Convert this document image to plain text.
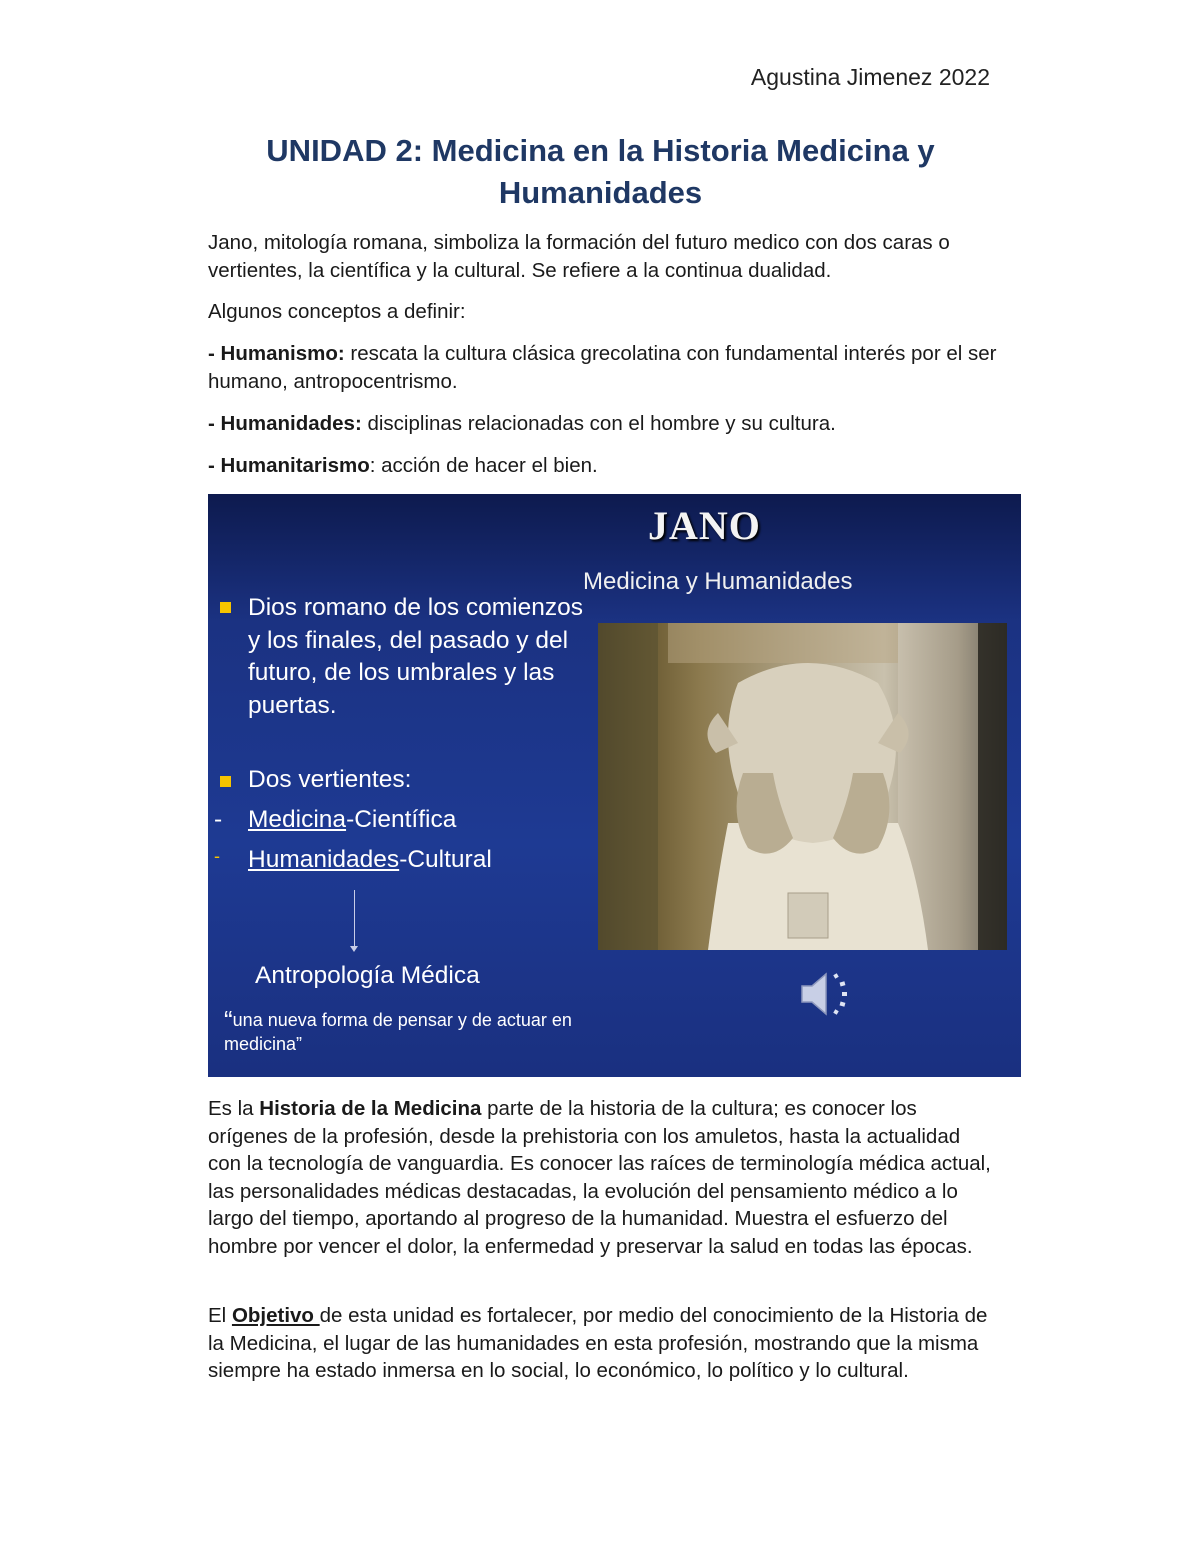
Agustina Jimenez 2022
UNIDAD 2: Medicina en la Historia Medicina y Humanidades

Jano, mitología romana, simboliza la formación del futuro medico con dos caras o vertientes, la científica y la cultural. Se refiere a la continua dualidad.

Algunos conceptos a definir:

- Humanismo: rescata la cultura clásica grecolatina con fundamental interés por el ser humano, antropocentrismo.

- Humanidades: disciplinas relacionadas con el hombre y su cultura.

- Humanitarismo: acción de hacer el bien.

JANO
Medicina y Humanidades
Dios romano de los comienzos y los finales, del pasado y del futuro, de los umbrales y las puertas.
Dos vertientes:
- Medicina-Científica
- Humanidades-Cultural
Antropología Médica
“una nueva forma de pensar y de actuar en medicina”

Es la Historia de la Medicina parte de la historia de la cultura; es conocer los orígenes de la profesión, desde la prehistoria con los amuletos, hasta la actualidad con la tecnología de vanguardia. Es conocer las raíces de terminología médica actual, las personalidades médicas destacadas, la evolución del pensamiento médico a lo largo del tiempo, aportando al progreso de la humanidad. Muestra el esfuerzo del hombre por vencer el dolor, la enfermedad y preservar la salud en todas las épocas.

El Objetivo de esta unidad es fortalecer, por medio del conocimiento de la Historia de la Medicina, el lugar de las humanidades en esta profesión, mostrando que la misma siempre ha estado inmersa en lo social, lo económico, lo político y lo cultural.
